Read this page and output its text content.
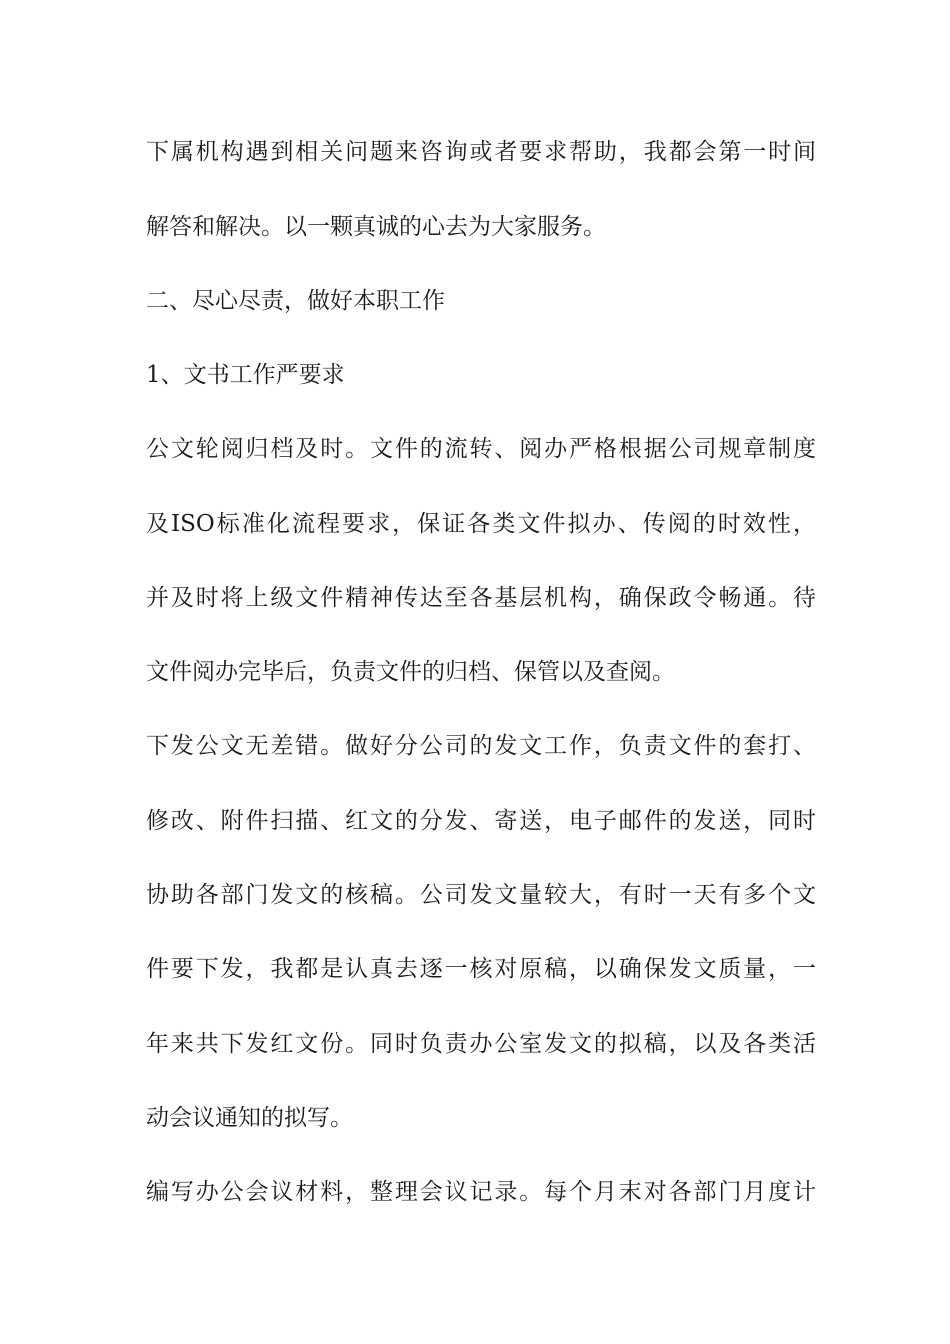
下属机构遇到相关问题来咨询或者要求帮助，我都会第一时间
解答和解决。以一颗真诚的心去为大家服务。
二、尽心尽责，做好本职工作
1、文书工作严要求
公文轮阅归档及时。文件的流转、阅办严格根据公司规章制度
及ISO标准化流程要求，保证各类文件拟办、传阅的时效性，
并及时将上级文件精神传达至各基层机构，确保政令畅通。待
文件阅办完毕后，负责文件的归档、保管以及查阅。
下发公文无差错。做好分公司的发文工作，负责文件的套打、
修改、附件扫描、红文的分发、寄送，电子邮件的发送，同时
协助各部门发文的核稿。公司发文量较大，有时一天有多个文
件要下发，我都是认真去逐一核对原稿，以确保发文质量，一
年来共下发红文份。同时负责办公室发文的拟稿，以及各类活
动会议通知的拟写。
编写办公会议材料，整理会议记录。每个月末对各部门月度计
